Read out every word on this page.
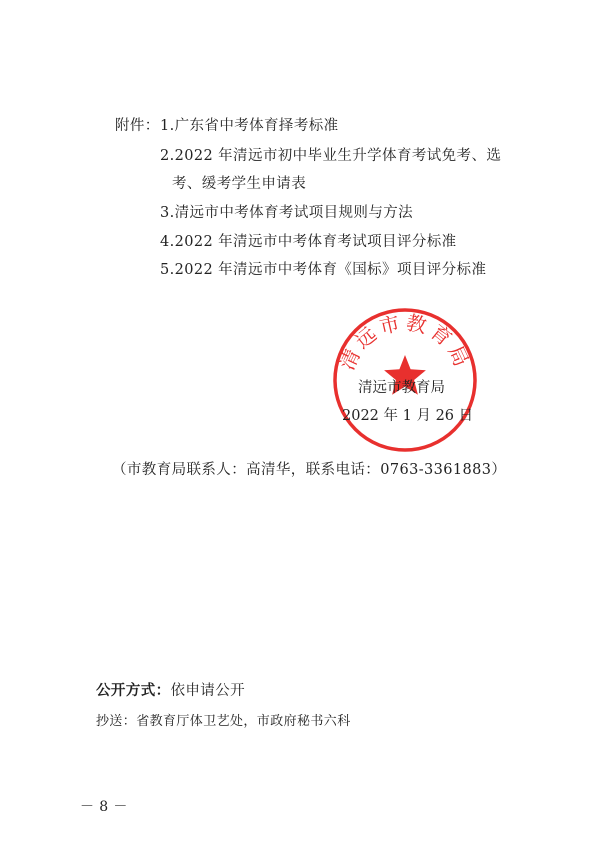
附件： 1.广东省中考体育择考标准
2.2022 年清远市初中毕业生升学体育考试免考、选
考、缓考学生申请表
3.清远市中考体育考试项目规则与方法
4.2022 年清远市中考体育考试项目评分标准
5.2022 年清远市中考体育《国标》项目评分标准
清远市教育局
清远市教育局
2022 年 1 月 26 日
（市教育局联系人：高清华，联系电话：0763-3361883）
公开方式：依申请公开
抄送：省教育厅体卫艺处，市政府秘书六科
－ 8 －
